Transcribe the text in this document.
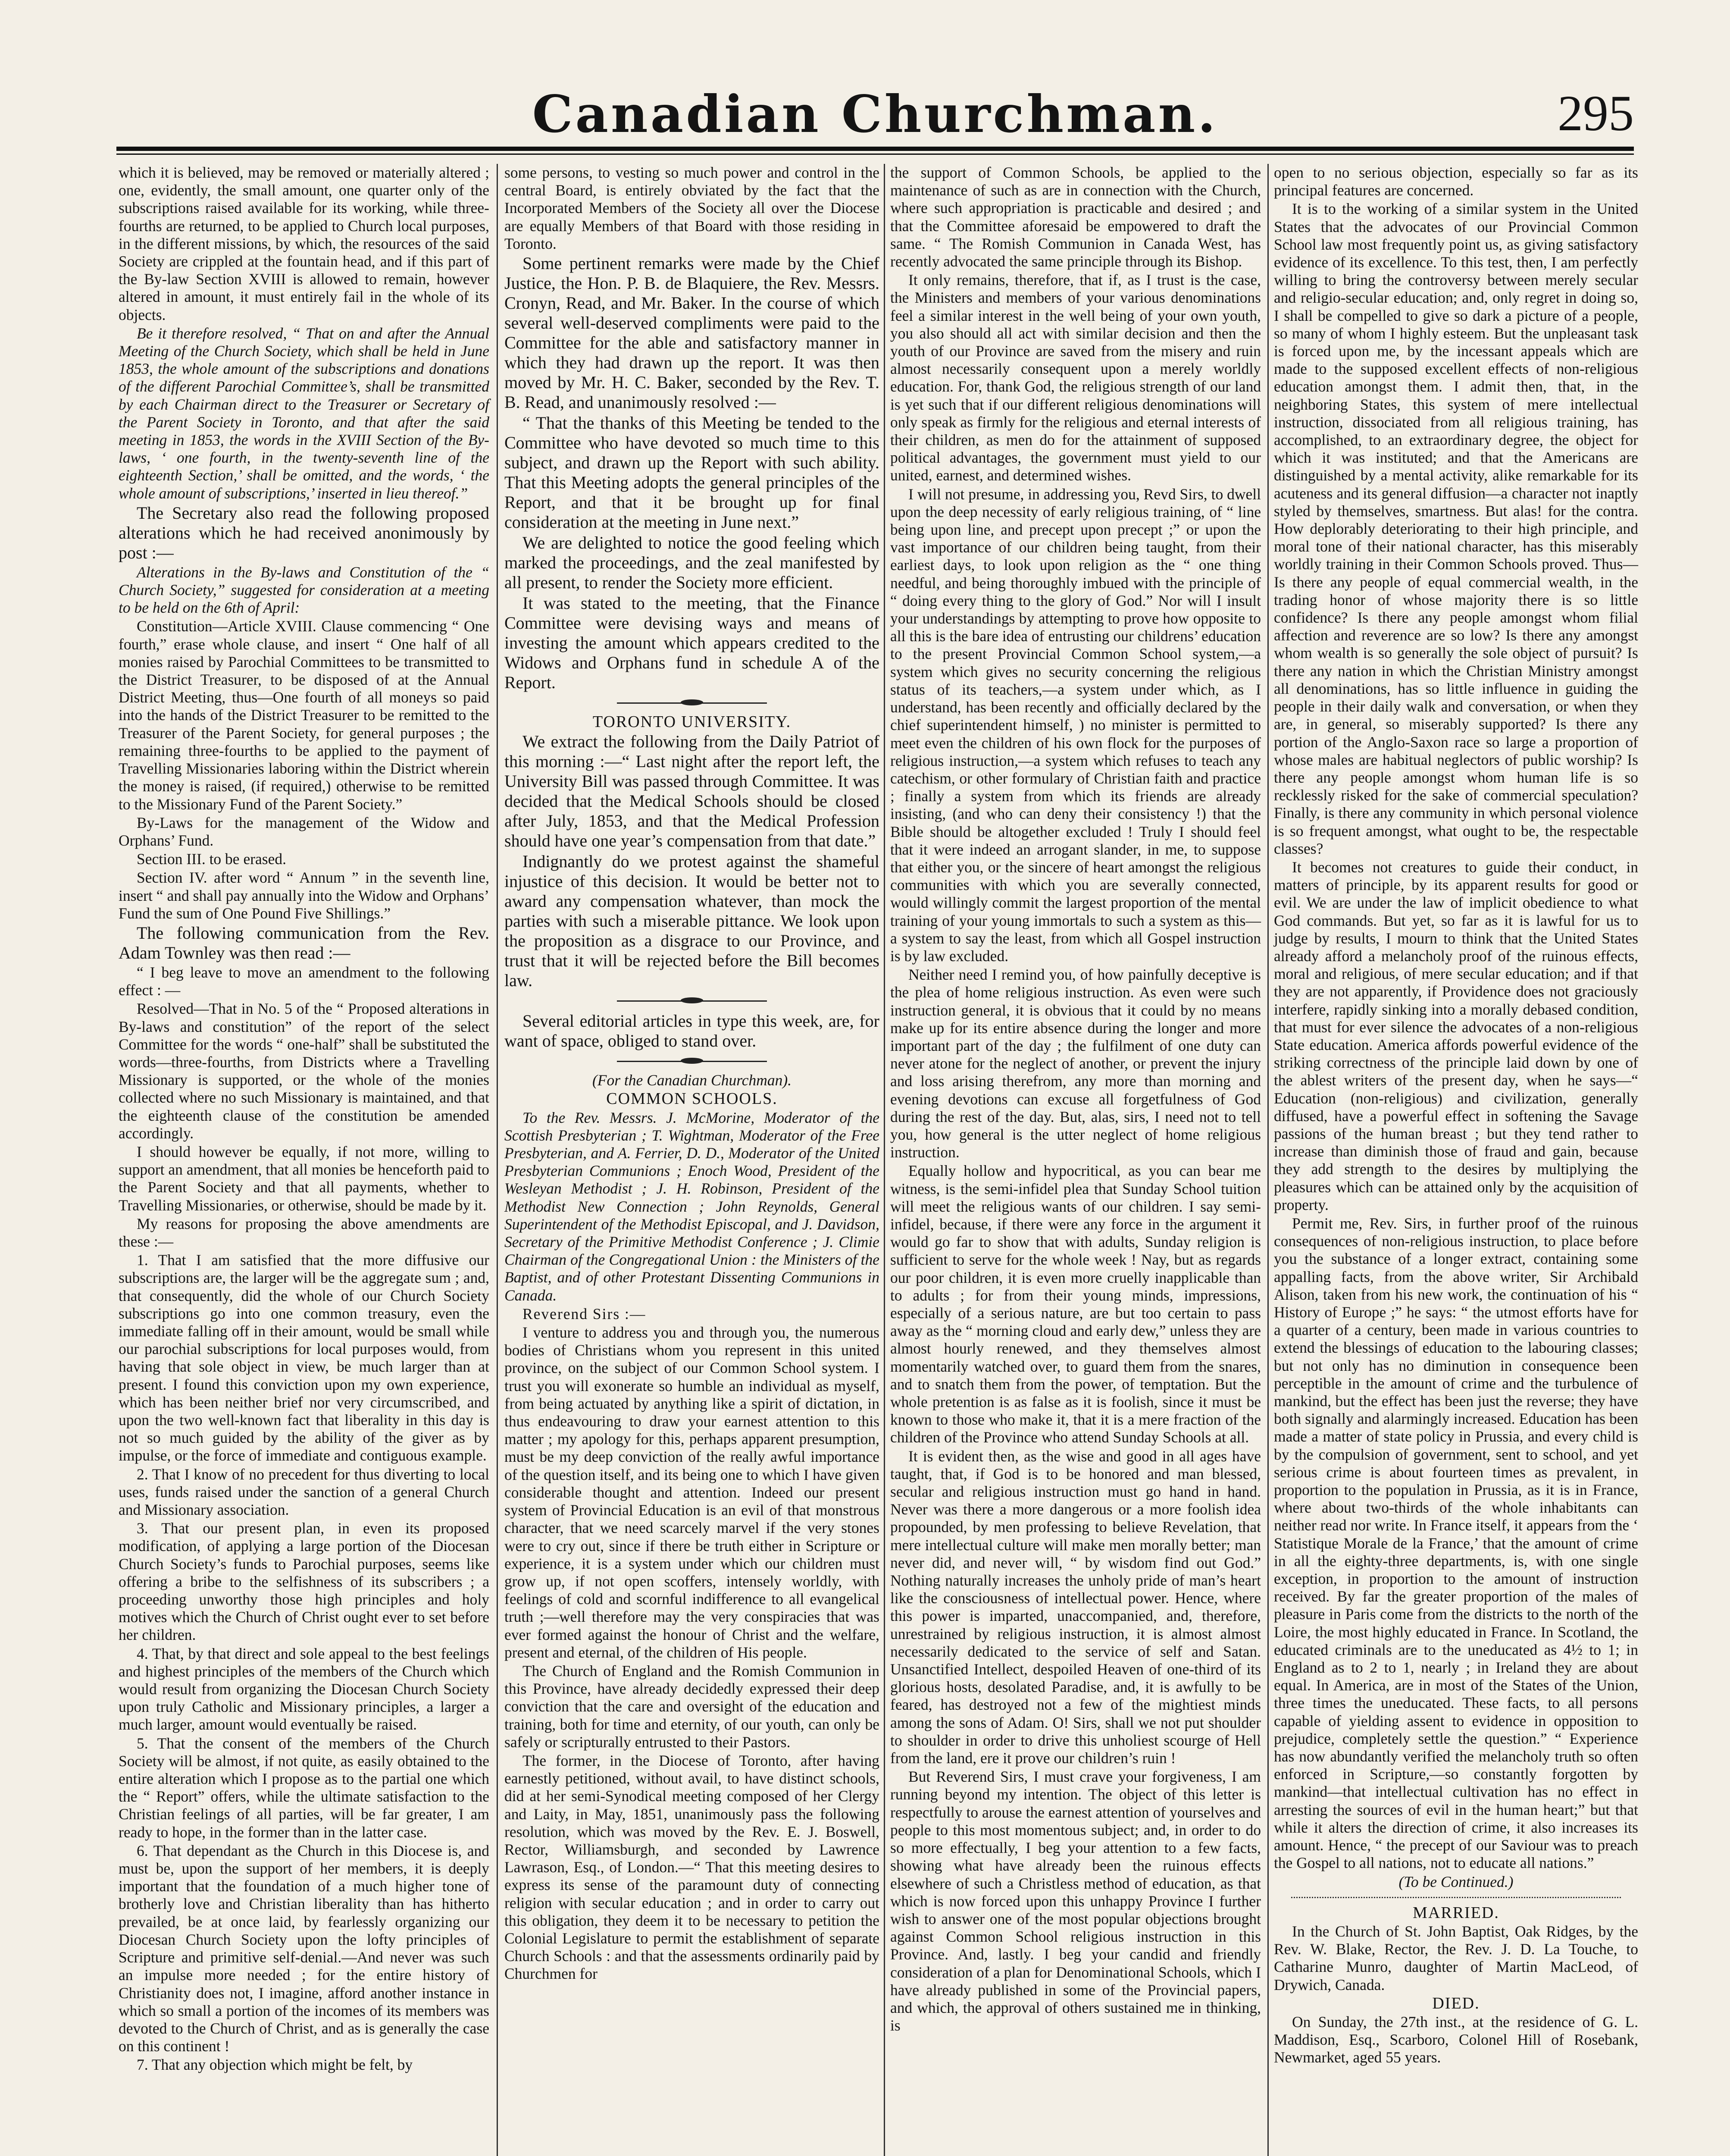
Canadian Churchman.	295

which it is believed, may be removed or materially altered ; one, evidently, the small amount, one quarter only of the subscriptions raised available for its working, while three-fourths are returned, to be applied to Church local purposes, in the different missions, by which, the resources of the said Society are crippled at the fountain head, and if this part of the By-law Section XVIII is allowed to remain, however altered in amount, it must entirely fail in the whole of its objects.

Be it therefore resolved, “ That on and after the Annual Meeting of the Church Society, which shall be held in June 1853, the whole amount of the subscriptions and donations of the different Parochial Committee’s, shall be transmitted by each Chairman direct to the Treasurer or Secretary of the Parent Society in Toronto, and that after the said meeting in 1853, the words in the XVIII Section of the By-laws, ‘ one fourth, in the twenty-seventh line of the eighteenth Section,’ shall be omitted, and the words, ‘ the whole amount of subscriptions,’ inserted in lieu thereof.”

The Secretary also read the following proposed alterations which he had received anonimously by post :—

Alterations in the By-laws and Constitution of the “ Church Society,” suggested for consideration at a meeting to be held on the 6th of April:

Constitution—Article XVIII. Clause commencing “ One fourth,” erase whole clause, and insert “ One half of all monies raised by Parochial Committees to be transmitted to the District Treasurer, to be disposed of at the Annual District Meeting, thus—One fourth of all moneys so paid into the hands of the District Treasurer to be remitted to the Treasurer of the Parent Society, for general purposes ; the remaining three-fourths to be applied to the payment of Travelling Missionaries laboring within the District wherein the money is raised, (if required,) otherwise to be remitted to the Missionary Fund of the Parent Society.”

By-Laws for the management of the Widow and Orphans’ Fund.

Section III. to be erased.

Section IV. after word “ Annum ” in the seventh line, insert “ and shall pay annually into the Widow and Orphans’ Fund the sum of One Pound Five Shillings.”

The following communication from the Rev. Adam Townley was then read :—

“ I beg leave to move an amendment to the following effect : —

Resolved—That in No. 5 of the “ Proposed alterations in By-laws and constitution” of the report of the select Committee for the words “ one-half” shall be substituted the words—three-fourths, from Districts where a Travelling Missionary is supported, or the whole of the monies collected where no such Missionary is maintained, and that the eighteenth clause of the constitution be amended accordingly.

I should however be equally, if not more, willing to support an amendment, that all monies be henceforth paid to the Parent Society and that all payments, whether to Travelling Missionaries, or otherwise, should be made by it.

My reasons for proposing the above amendments are these :—

1. That I am satisfied that the more diffusive our subscriptions are, the larger will be the aggregate sum ; and, that consequently, did the whole of our Church Society subscriptions go into one common treasury, even the immediate falling off in their amount, would be small while our parochial subscriptions for local purposes would, from having that sole object in view, be much larger than at present. I found this conviction upon my own experience, which has been neither brief nor very circumscribed, and upon the two well-known fact that liberality in this day is not so much guided by the ability of the giver as by impulse, or the force of immediate and contiguous example.

2. That I know of no precedent for thus diverting to local uses, funds raised under the sanction of a general Church and Missionary association.

3. That our present plan, in even its proposed modification, of applying a large portion of the Diocesan Church Society’s funds to Parochial purposes, seems like offering a bribe to the selfishness of its subscribers ; a proceeding unworthy those high principles and holy motives which the Church of Christ ought ever to set before her children.

4. That, by that direct and sole appeal to the best feelings and highest principles of the members of the Church which would result from organizing the Diocesan Church Society upon truly Catholic and Missionary principles, a larger a much larger, amount would eventually be raised.

5. That the consent of the members of the Church Society will be almost, if not quite, as easily obtained to the entire alteration which I propose as to the partial one which the “ Report” offers, while the ultimate satisfaction to the Christian feelings of all parties, will be far greater, I am ready to hope, in the former than in the latter case.

6. That dependant as the Church in this Diocese is, and must be, upon the support of her members, it is deeply important that the foundation of a much higher tone of brotherly love and Christian liberality than has hitherto prevailed, be at once laid, by fearlessly organizing our Diocesan Church Society upon the lofty principles of Scripture and primitive self-denial.—And never was such an impulse more needed ; for the entire history of Christianity does not, I imagine, afford another instance in which so small a portion of the incomes of its members was devoted to the Church of Christ, and as is generally the case on this continent !

7. That any objection which might be felt, by

some persons, to vesting so much power and control in the central Board, is entirely obviated by the fact that the Incorporated Members of the Society all over the Diocese are equally Members of that Board with those residing in Toronto.

Some pertinent remarks were made by the Chief Justice, the Hon. P. B. de Blaquiere, the Rev. Messrs. Cronyn, Read, and Mr. Baker. In the course of which several well-deserved compliments were paid to the Committee for the able and satisfactory manner in which they had drawn up the report. It was then moved by Mr. H. C. Baker, seconded by the Rev. T. B. Read, and unanimously resolved :—

“ That the thanks of this Meeting be tended to the Committee who have devoted so much time to this subject, and drawn up the Report with such ability. That this Meeting adopts the general principles of the Report, and that it be brought up for final consideration at the meeting in June next.”

We are delighted to notice the good feeling which marked the proceedings, and the zeal manifested by all present, to render the Society more efficient.

It was stated to the meeting, that the Finance Committee were devising ways and means of investing the amount which appears credited to the Widows and Orphans fund in schedule A of the Report.

TORONTO UNIVERSITY.

We extract the following from the Daily Patriot of this morning :—“ Last night after the report left, the University Bill was passed through Committee. It was decided that the Medical Schools should be closed after July, 1853, and that the Medical Profession should have one year’s compensation from that date.”

Indignantly do we protest against the shameful injustice of this decision. It would be better not to award any compensation whatever, than mock the parties with such a miserable pittance. We look upon the proposition as a disgrace to our Province, and trust that it will be rejected before the Bill becomes law.

Several editorial articles in type this week, are, for want of space, obliged to stand over.

(For the Canadian Churchman).

COMMON SCHOOLS.

To the Rev. Messrs. J. McMorine, Moderator of the Scottish Presbyterian ; T. Wightman, Moderator of the Free Presbyterian, and A. Ferrier, D. D., Moderator of the United Presbyterian Communions ; Enoch Wood, President of the Wesleyan Methodist ; J. H. Robinson, President of the Methodist New Connection ; John Reynolds, General Superintendent of the Methodist Episcopal, and J. Davidson, Secretary of the Primitive Methodist Conference ; J. Climie Chairman of the Congregational Union : the Ministers of the Baptist, and of other Protestant Dissenting Communions in Canada.

Reverend Sirs :—

I venture to address you and through you, the numerous bodies of Christians whom you represent in this united province, on the subject of our Common School system. I trust you will exonerate so humble an individual as myself, from being actuated by anything like a spirit of dictation, in thus endeavouring to draw your earnest attention to this matter ; my apology for this, perhaps apparent presumption, must be my deep conviction of the really awful importance of the question itself, and its being one to which I have given considerable thought and attention. Indeed our present system of Provincial Education is an evil of that monstrous character, that we need scarcely marvel if the very stones were to cry out, since if there be truth either in Scripture or experience, it is a system under which our children must grow up, if not open scoffers, intensely worldly, with feelings of cold and scornful indifference to all evangelical truth ;—well therefore may the very conspiracies that was ever formed against the honour of Christ and the welfare, present and eternal, of the children of His people.

The Church of England and the Romish Communion in this Province, have already decidedly expressed their deep conviction that the care and oversight of the education and training, both for time and eternity, of our youth, can only be safely or scripturally entrusted to their Pastors.

The former, in the Diocese of Toronto, after having earnestly petitioned, without avail, to have distinct schools, did at her semi-Synodical meeting composed of her Clergy and Laity, in May, 1851, unanimously pass the following resolution, which was moved by the Rev. E. J. Boswell, Rector, Williamsburgh, and seconded by Lawrence Lawrason, Esq., of London.—“ That this meeting desires to express its sense of the paramount duty of connecting religion with secular education ; and in order to carry out this obligation, they deem it to be necessary to petition the Colonial Legislature to permit the establishment of separate Church Schools : and that the assessments ordinarily paid by Churchmen for

the support of Common Schools, be applied to the maintenance of such as are in connection with the Church, where such appropriation is practicable and desired ; and that the Committee aforesaid be empowered to draft the same. “ The Romish Communion in Canada West, has recently advocated the same principle through its Bishop.

It only remains, therefore, that if, as I trust is the case, the Ministers and members of your various denominations feel a similar interest in the well being of your own youth, you also should all act with similar decision and then the youth of our Province are saved from the misery and ruin almost necessarily consequent upon a merely worldly education. For, thank God, the religious strength of our land is yet such that if our different religious denominations will only speak as firmly for the religious and eternal interests of their children, as men do for the attainment of supposed political advantages, the government must yield to our united, earnest, and determined wishes.

I will not presume, in addressing you, Revd Sirs, to dwell upon the deep necessity of early religious training, of “ line being upon line, and precept upon precept ;” or upon the vast importance of our children being taught, from their earliest days, to look upon religion as the “ one thing needful, and being thoroughly imbued with the principle of “ doing every thing to the glory of God.” Nor will I insult your understandings by attempting to prove how opposite to all this is the bare idea of entrusting our childrens’ education to the present Provincial Common School system,—a system which gives no security concerning the religious status of its teachers,—a system under which, as I understand, has been recently and officially declared by the chief superintendent himself, ) no minister is permitted to meet even the children of his own flock for the purposes of religious instruction,—a system which refuses to teach any catechism, or other formulary of Christian faith and practice ; finally a system from which its friends are already insisting, (and who can deny their consistency !) that the Bible should be altogether excluded ! Truly I should feel that it were indeed an arrogant slander, in me, to suppose that either you, or the sincere of heart amongst the religious communities with which you are severally connected, would willingly commit the largest proportion of the mental training of your young immortals to such a system as this—a system to say the least, from which all Gospel instruction is by law excluded.

Neither need I remind you, of how painfully deceptive is the plea of home religious instruction. As even were such instruction general, it is obvious that it could by no means make up for its entire absence during the longer and more important part of the day ; the fulfilment of one duty can never atone for the neglect of another, or prevent the injury and loss arising therefrom, any more than morning and evening devotions can excuse all forgetfulness of God during the rest of the day. But, alas, sirs, I need not to tell you, how general is the utter neglect of home religious instruction.

Equally hollow and hypocritical, as you can bear me witness, is the semi-infidel plea that Sunday School tuition will meet the religious wants of our children. I say semi-infidel, because, if there were any force in the argument it would go far to show that with adults, Sunday religion is sufficient to serve for the whole week ! Nay, but as regards our poor children, it is even more cruelly inapplicable than to adults ; for from their young minds, impressions, especially of a serious nature, are but too certain to pass away as the “ morning cloud and early dew,” unless they are almost hourly renewed, and they themselves almost momentarily watched over, to guard them from the snares, and to snatch them from the power, of temptation. But the whole pretention is as false as it is foolish, since it must be known to those who make it, that it is a mere fraction of the children of the Province who attend Sunday Schools at all.

It is evident then, as the wise and good in all ages have taught, that, if God is to be honored and man blessed, secular and religious instruction must go hand in hand. Never was there a more dangerous or a more foolish idea propounded, by men professing to believe Revelation, that mere intellectual culture will make men morally better; man never did, and never will, “ by wisdom find out God.” Nothing naturally increases the unholy pride of man’s heart like the consciousness of intellectual power. Hence, where this power is imparted, unaccompanied, and, therefore, unrestrained by religious instruction, it is almost almost necessarily dedicated to the service of self and Satan. Unsanctified Intellect, despoiled Heaven of one-third of its glorious hosts, desolated Paradise, and, it is awfully to be feared, has destroyed not a few of the mightiest minds among the sons of Adam. O! Sirs, shall we not put shoulder to shoulder in order to drive this unholiest scourge of Hell from the land, ere it prove our children’s ruin !

But Reverend Sirs, I must crave your forgiveness, I am running beyond my intention. The object of this letter is respectfully to arouse the earnest attention of yourselves and people to this most momentous subject; and, in order to do so more effectually, I beg your attention to a few facts, showing what have already been the ruinous effects elsewhere of such a Christless method of education, as that which is now forced upon this unhappy Province I further wish to answer one of the most popular objections brought against Common School religious instruction in this Province. And, lastly. I beg your candid and friendly consideration of a plan for Denominational Schools, which I have already published in some of the Provincial papers, and which, the approval of others sustained me in thinking, is

open to no serious objection, especially so far as its principal features are concerned.

It is to the working of a similar system in the United States that the advocates of our Provincial Common School law most frequently point us, as giving satisfactory evidence of its excellence. To this test, then, I am perfectly willing to bring the controversy between merely secular and religio-secular education; and, only regret in doing so, I shall be compelled to give so dark a picture of a people, so many of whom I highly esteem. But the unpleasant task is forced upon me, by the incessant appeals which are made to the supposed excellent effects of non-religious education amongst them. I admit then, that, in the neighboring States, this system of mere intellectual instruction, dissociated from all religious training, has accomplished, to an extraordinary degree, the object for which it was instituted; and that the Americans are distinguished by a mental activity, alike remarkable for its acuteness and its general diffusion—a character not inaptly styled by themselves, smartness. But alas! for the contra. How deplorably deteriorating to their high principle, and moral tone of their national character, has this miserably worldly training in their Common Schools proved. Thus—Is there any people of equal commercial wealth, in the trading honor of whose majority there is so little confidence? Is there any people amongst whom filial affection and reverence are so low? Is there any amongst whom wealth is so generally the sole object of pursuit? Is there any nation in which the Christian Ministry amongst all denominations, has so little influence in guiding the people in their daily walk and conversation, or when they are, in general, so miserably supported? Is there any portion of the Anglo-Saxon race so large a proportion of whose males are habitual neglectors of public worship? Is there any people amongst whom human life is so recklessly risked for the sake of commercial speculation? Finally, is there any community in which personal violence is so frequent amongst, what ought to be, the respectable classes?

It becomes not creatures to guide their conduct, in matters of principle, by its apparent results for good or evil. We are under the law of implicit obedience to what God commands. But yet, so far as it is lawful for us to judge by results, I mourn to think that the United States already afford a melancholy proof of the ruinous effects, moral and religious, of mere secular education; and if that they are not apparently, if Providence does not graciously interfere, rapidly sinking into a morally debased condition, that must for ever silence the advocates of a non-religious State education. America affords powerful evidence of the striking correctness of the principle laid down by one of the ablest writers of the present day, when he says—“ Education (non-religious) and civilization, generally diffused, have a powerful effect in softening the Savage passions of the human breast ; but they tend rather to increase than diminish those of fraud and gain, because they add strength to the desires by multiplying the pleasures which can be attained only by the acquisition of property.

Permit me, Rev. Sirs, in further proof of the ruinous consequences of non-religious instruction, to place before you the substance of a longer extract, containing some appalling facts, from the above writer, Sir Archibald Alison, taken from his new work, the continuation of his “ History of Europe ;” he says: “ the utmost efforts have for a quarter of a century, been made in various countries to extend the blessings of education to the labouring classes; but not only has no diminution in consequence been perceptible in the amount of crime and the turbulence of mankind, but the effect has been just the reverse; they have both signally and alarmingly increased. Education has been made a matter of state policy in Prussia, and every child is by the compulsion of government, sent to school, and yet serious crime is about fourteen times as prevalent, in proportion to the population in Prussia, as it is in France, where about two-thirds of the whole inhabitants can neither read nor write. In France itself, it appears from the ‘ Statistique Morale de la France,’ that the amount of crime in all the eighty-three departments, is, with one single exception, in proportion to the amount of instruction received. By far the greater proportion of the males of pleasure in Paris come from the districts to the north of the Loire, the most highly educated in France. In Scotland, the educated criminals are to the uneducated as 4½ to 1; in England as to 2 to 1, nearly ; in Ireland they are about equal. In America, are in most of the States of the Union, three times the uneducated. These facts, to all persons capable of yielding assent to evidence in opposition to prejudice, completely settle the question.” “ Experience has now abundantly verified the melancholy truth so often enforced in Scripture,—so constantly forgotten by mankind—that intellectual cultivation has no effect in arresting the sources of evil in the human heart;” but that while it alters the direction of crime, it also increases its amount. Hence, “ the precept of our Saviour was to preach the Gospel to all nations, not to educate all nations.”

(To be Continued.)

MARRIED.

In the Church of St. John Baptist, Oak Ridges, by the Rev. W. Blake, Rector, the Rev. J. D. La Touche, to Catharine Munro, daughter of Martin MacLeod, of Drywich, Canada.

DIED.

On Sunday, the 27th inst., at the residence of G. L. Maddison, Esq., Scarboro, Colonel Hill of Rosebank, Newmarket, aged 55 years.
